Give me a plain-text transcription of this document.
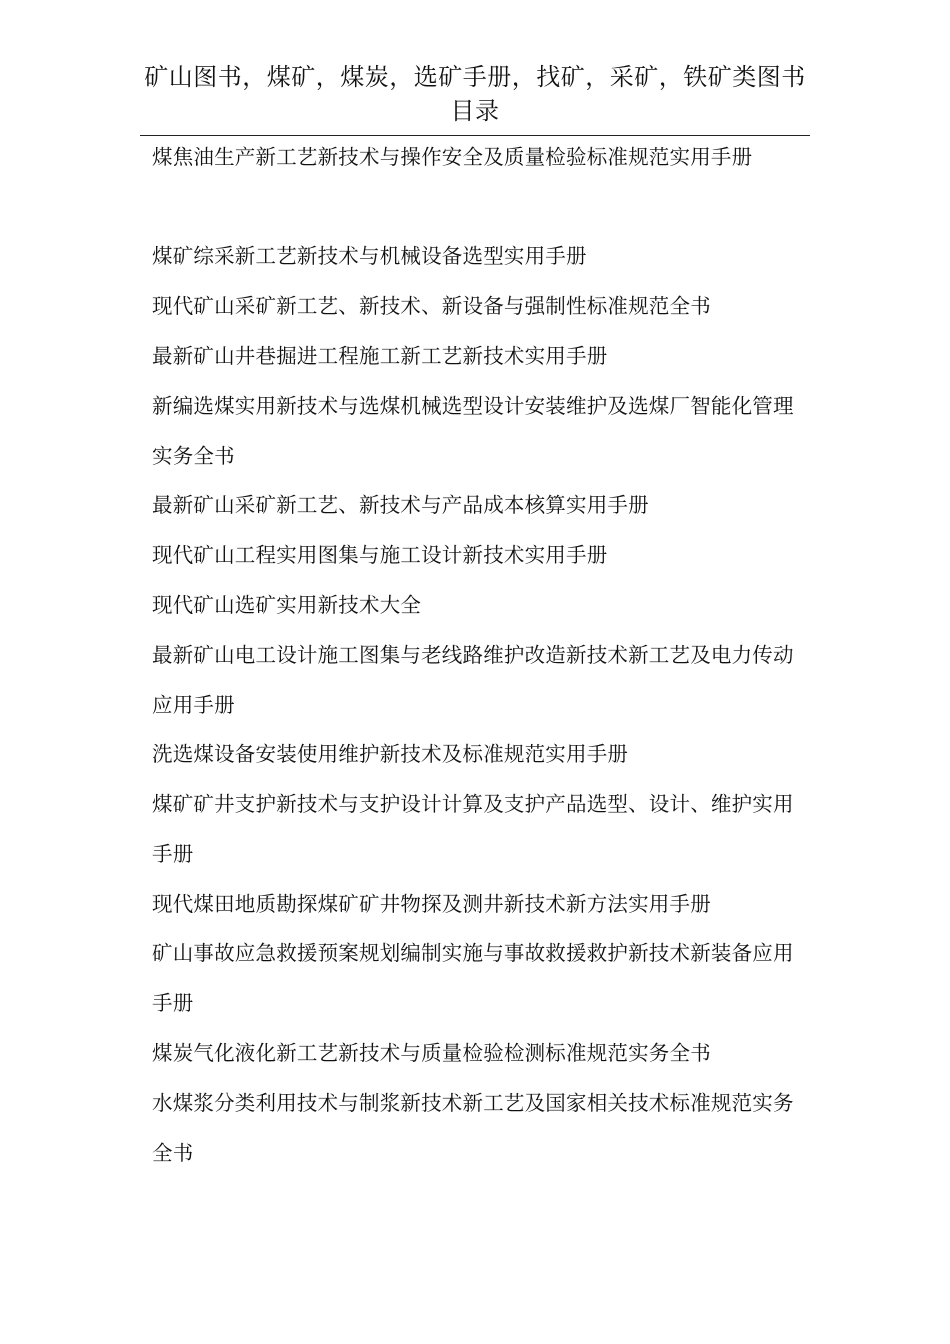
矿山图书，煤矿，煤炭，选矿手册，找矿，采矿，铁矿类图书目录
煤焦油生产新工艺新技术与操作安全及质量检验标准规范实用手册
煤矿综采新工艺新技术与机械设备选型实用手册
现代矿山采矿新工艺、新技术、新设备与强制性标准规范全书
最新矿山井巷掘进工程施工新工艺新技术实用手册
新编选煤实用新技术与选煤机械选型设计安装维护及选煤厂智能化管理实务全书
最新矿山采矿新工艺、新技术与产品成本核算实用手册
现代矿山工程实用图集与施工设计新技术实用手册
现代矿山选矿实用新技术大全
最新矿山电工设计施工图集与老线路维护改造新技术新工艺及电力传动应用手册
洗选煤设备安装使用维护新技术及标准规范实用手册
煤矿矿井支护新技术与支护设计计算及支护产品选型、设计、维护实用手册
现代煤田地质勘探煤矿矿井物探及测井新技术新方法实用手册
矿山事故应急救援预案规划编制实施与事故救援救护新技术新装备应用手册
煤炭气化液化新工艺新技术与质量检验检测标准规范实务全书
水煤浆分类利用技术与制浆新技术新工艺及国家相关技术标准规范实务全书
